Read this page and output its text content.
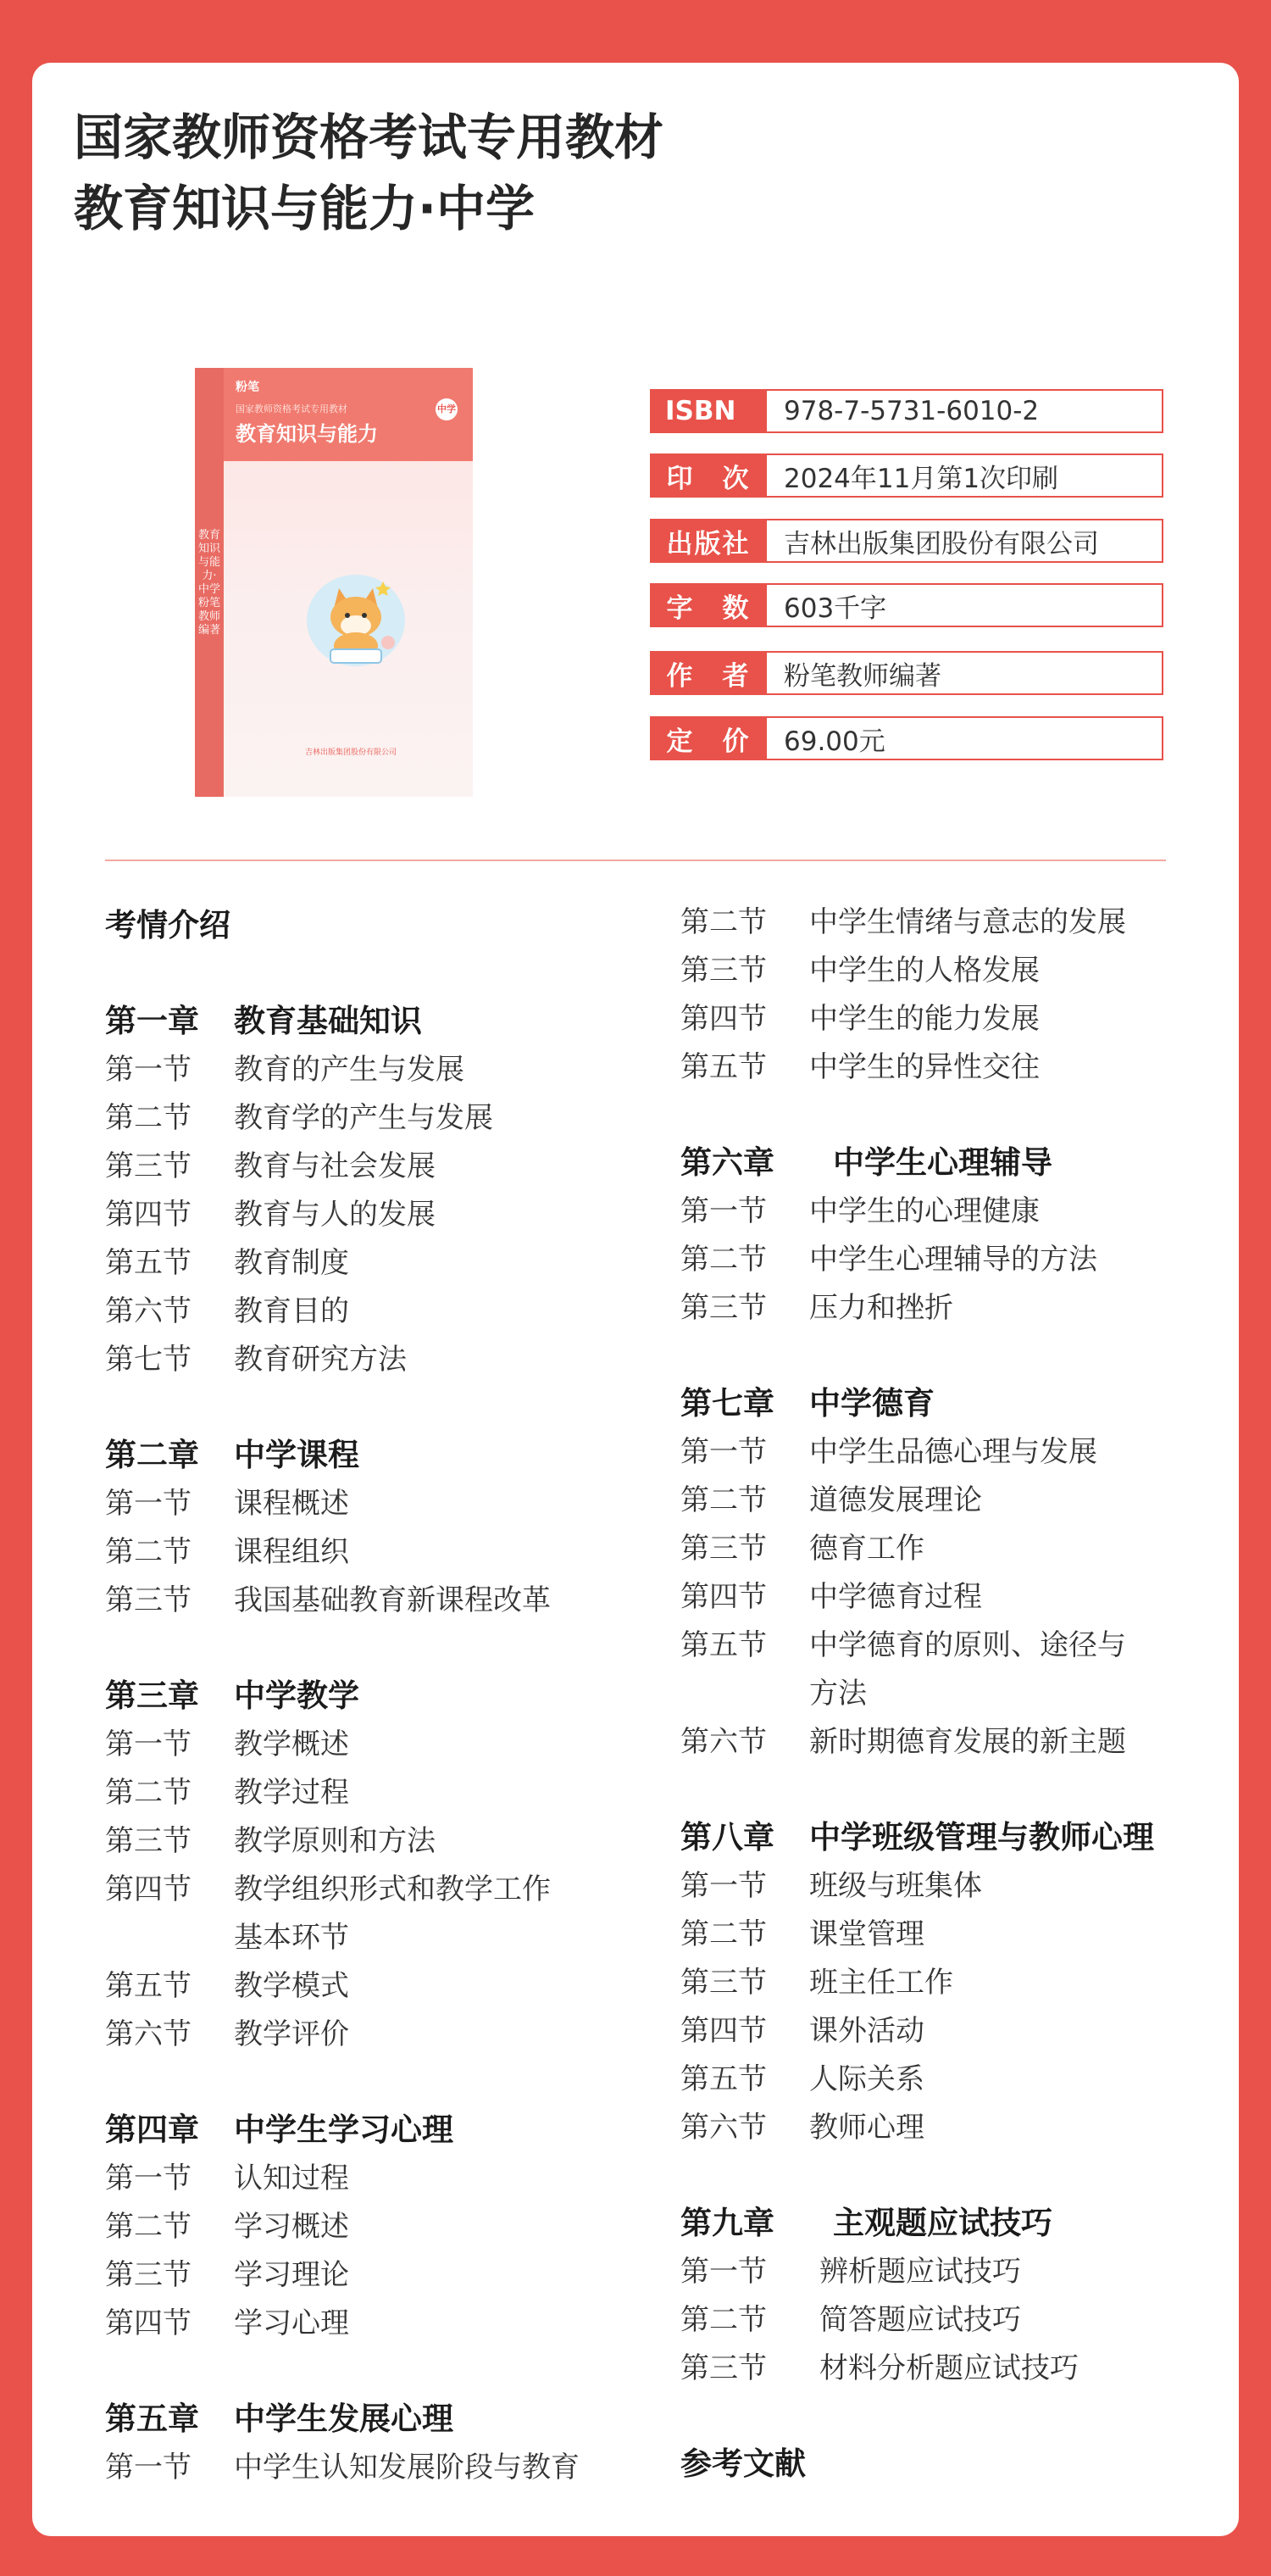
国家教师资格考试专用教材
教育知识与能力·中学
教育知识与能力·中学 粉笔教师编著
粉笔
国家教师资格考试专用教材
教育知识与能力
中学
吉林出版集团股份有限公司
ISBN	978-7-5731-6010-2
印　次	2024年11月第1次印刷
出版社	吉林出版集团股份有限公司
字　数	603千字
作　者	粉笔教师编著
定　价	69.00元
考情介绍
第一章 教育基础知识
第一节 教育的产生与发展
第二节 教育学的产生与发展
第三节 教育与社会发展
第四节 教育与人的发展
第五节 教育制度
第六节 教育目的
第七节 教育研究方法
第二章 中学课程
第一节 课程概述
第二节 课程组织
第三节 我国基础教育新课程改革
第三章 中学教学
第一节 教学概述
第二节 教学过程
第三节 教学原则和方法
第四节 教学组织形式和教学工作
基本环节
第五节 教学模式
第六节 教学评价
第四章 中学生学习心理
第一节 认知过程
第二节 学习概述
第三节 学习理论
第四节 学习心理
第五章 中学生发展心理
第一节 中学生认知发展阶段与教育
第二节 中学生情绪与意志的发展
第三节 中学生的人格发展
第四节 中学生的能力发展
第五节 中学生的异性交往
第六章 中学生心理辅导
第一节 中学生的心理健康
第二节 中学生心理辅导的方法
第三节 压力和挫折
第七章 中学德育
第一节 中学生品德心理与发展
第二节 道德发展理论
第三节 德育工作
第四节 中学德育过程
第五节 中学德育的原则、途径与
方法
第六节 新时期德育发展的新主题
第八章 中学班级管理与教师心理
第一节 班级与班集体
第二节 课堂管理
第三节 班主任工作
第四节 课外活动
第五节 人际关系
第六节 教师心理
第九章 主观题应试技巧
第一节 辨析题应试技巧
第二节 简答题应试技巧
第三节 材料分析题应试技巧
参考文献
